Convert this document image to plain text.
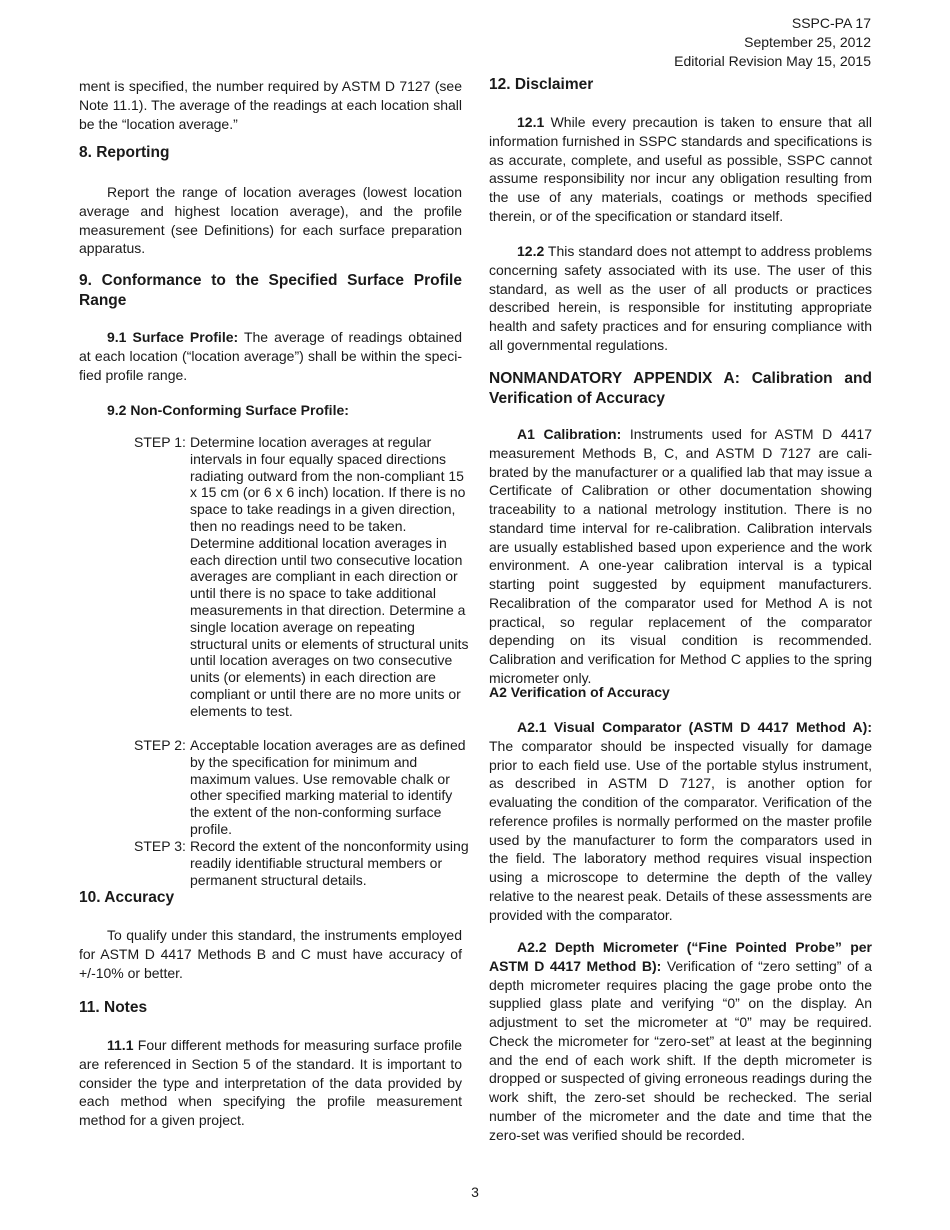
SSPC-PA 17
September 25, 2012
Editorial Revision May 15, 2015
ment is specified, the number required by ASTM D 7127 (see Note 11.1). The average of the readings at each location shall be the “location average.”
8. Reporting
Report the range of location averages (lowest location average and highest location average), and the profile measurement (see Definitions) for each surface preparation apparatus.
9. Conformance to the Specified Surface Profile Range
9.1 Surface Profile: The average of readings obtained at each location (“location average”) shall be within the specified profile range.
9.2 Non-Conforming Surface Profile:
STEP 1: Determine location averages at regular intervals in four equally spaced directions radiating outward from the non-compliant 15 x 15 cm (or 6 x 6 inch) location. If there is no space to take readings in a given direction, then no readings need to be taken. Determine additional location averages in each direction until two consecutive location averages are compliant in each direction or until there is no space to take additional measurements in that direction. Determine a single location average on repeating structural units or elements of structural units until location averages on two consecutive units (or elements) in each direction are compliant or until there are no more units or elements to test.
STEP 2: Acceptable location averages are as defined by the specification for minimum and maximum values. Use removable chalk or other specified marking material to identify the extent of the non-conforming surface profile.
STEP 3: Record the extent of the nonconformity using readily identifiable structural members or permanent structural details.
10. Accuracy
To qualify under this standard, the instruments employed for ASTM D 4417 Methods B and C must have accuracy of +/-10% or better.
11. Notes
11.1 Four different methods for measuring surface profile are referenced in Section 5 of the standard. It is important to consider the type and interpretation of the data provided by each method when specifying the profile measurement method for a given project.
12. Disclaimer
12.1 While every precaution is taken to ensure that all information furnished in SSPC standards and specifications is as accurate, complete, and useful as possible, SSPC cannot assume responsibility nor incur any obligation resulting from the use of any materials, coatings or methods specified therein, or of the specification or standard itself.
12.2 This standard does not attempt to address problems concerning safety associated with its use. The user of this standard, as well as the user of all products or practices described herein, is responsible for instituting appropriate health and safety practices and for ensuring compliance with all governmental regulations.
NONMANDATORY APPENDIX A: Calibration and Verification of Accuracy
A1 Calibration: Instruments used for ASTM D 4417 measurement Methods B, C, and ASTM D 7127 are calibrated by the manufacturer or a qualified lab that may issue a Certificate of Calibration or other documentation showing traceability to a national metrology institution. There is no standard time interval for re-calibration. Calibration intervals are usually established based upon experience and the work environment. A one-year calibration interval is a typical starting point suggested by equipment manufacturers. Recalibration of the comparator used for Method A is not practical, so regular replacement of the comparator depending on its visual condition is recommended. Calibration and verification for Method C applies to the spring micrometer only.
A2 Verification of Accuracy
A2.1 Visual Comparator (ASTM D 4417 Method A): The comparator should be inspected visually for damage prior to each field use. Use of the portable stylus instrument, as described in ASTM D 7127, is another option for evaluating the condition of the comparator. Verification of the reference profiles is normally performed on the master profile used by the manufacturer to form the comparators used in the field. The laboratory method requires visual inspection using a microscope to determine the depth of the valley relative to the nearest peak. Details of these assessments are provided with the comparator.
A2.2 Depth Micrometer (“Fine Pointed Probe” per ASTM D 4417 Method B): Verification of “zero setting” of a depth micrometer requires placing the gage probe onto the supplied glass plate and verifying “0” on the display. An adjustment to set the micrometer at “0” may be required. Check the micrometer for “zero-set” at least at the beginning and the end of each work shift. If the depth micrometer is dropped or suspected of giving erroneous readings during the work shift, the zero-set should be rechecked. The serial number of the micrometer and the date and time that the zero-set was verified should be recorded.
3
